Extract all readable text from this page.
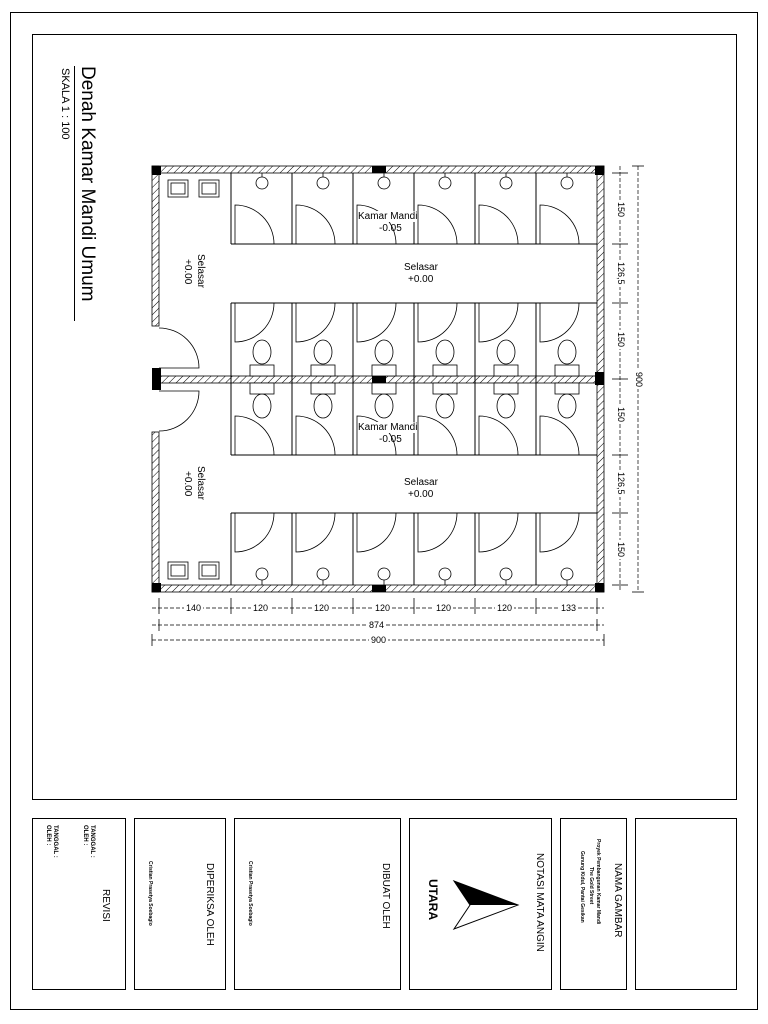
Denah Kamar Mandi Umum
SKALA 1 : 100
Selasar
+0.00
Selasar
+0.00
Kamar Mandi
-0.05
Selasar
+0.00
Kamar Mandi
-0.05
Selasar
+0.00
140	120	120	120	120	120	133
874
900
150
126,5
150
150
126,5
150
900
REVISI
TANGGAL :
OLEH :
TANGGAL :
OLEH :
DIPERIKSA OLEH
Cristian Prasetya Soebagio	DIBUAT OLEH
Cristian Prasetya Soebagio	NOTASI MATA ANGIN
UTARA	NAMA GAMBAR
Proyek Pembangunan Kamar Mandi
The Gold Street
Gunung Kidul, Pantai Gesikan
